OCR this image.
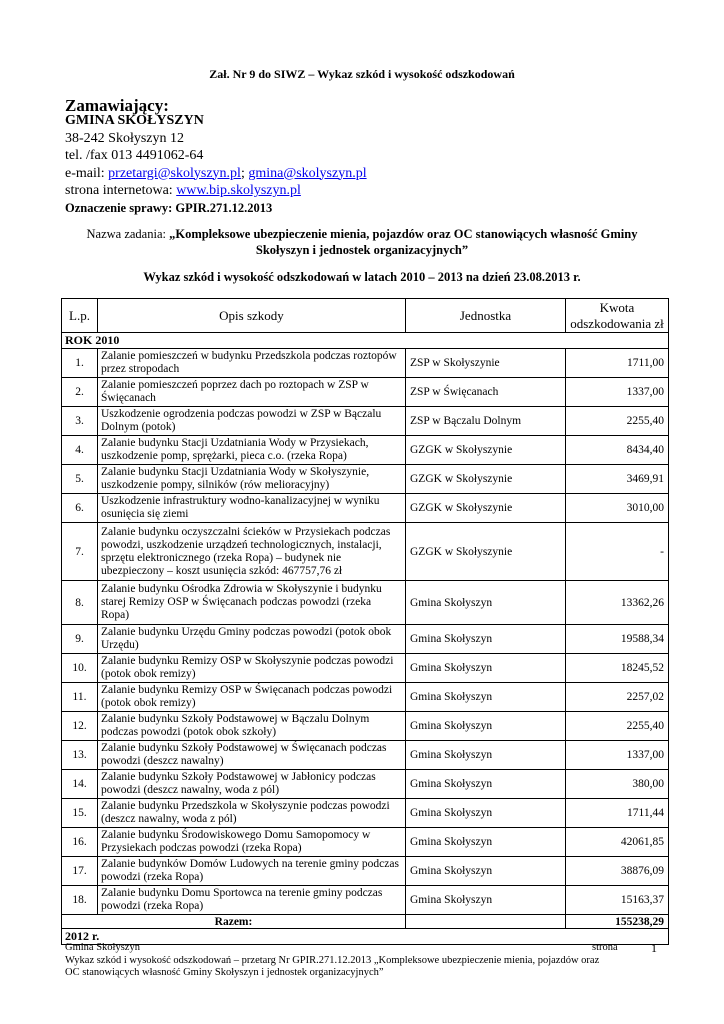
Zał. Nr 9 do SIWZ – Wykaz szkód i wysokość odszkodowań
Zamawiający:
GMINA SKOŁYSZYN
38-242 Skołyszyn 12
tel. /fax 013 4491062-64
e-mail: przetargi@skolyszyn.pl; gmina@skolyszyn.pl
strona internetowa: www.bip.skolyszyn.pl
Oznaczenie sprawy: GPIR.271.12.2013
Nazwa zadania: „Kompleksowe ubezpieczenie mienia, pojazdów oraz OC stanowiących własność Gminy
Skołyszyn i jednostek organizacyjnych”
Wykaz szkód i wysokość odszkodowań w latach 2010 – 2013 na dzień 23.08.2013 r.
L.p.	Opis szkody	Jednostka	Kwota
odszkodowania zł
ROK 2010			
1.	Zalanie pomieszczeń w budynku Przedszkola podczas roztopów przez stropodach	ZSP w Skołyszynie	1711,00
2.	Zalanie pomieszczeń poprzez dach po roztopach w ZSP w Święcanach	ZSP w Święcanach	1337,00
3.	Uszkodzenie ogrodzenia podczas powodzi w ZSP w Bączalu Dolnym (potok)	ZSP w Bączalu Dolnym	2255,40
4.	Zalanie budynku Stacji Uzdatniania Wody w Przysiekach, uszkodzenie pomp, sprężarki, pieca c.o. (rzeka Ropa)	GZGK w Skołyszynie	8434,40
5.	Zalanie budynku Stacji Uzdatniania Wody w Skołyszynie, uszkodzenie pompy, silników (rów melioracyjny)	GZGK w Skołyszynie	3469,91
6.	Uszkodzenie infrastruktury wodno-kanalizacyjnej w wyniku osunięcia się ziemi	GZGK w Skołyszynie	3010,00
7.	Zalanie budynku oczyszczalni ścieków w Przysiekach podczas powodzi, uszkodzenie urządzeń technologicznych, instalacji, sprzętu elektronicznego (rzeka Ropa) – budynek nie ubezpieczony – koszt usunięcia szkód: 467757,76 zł	GZGK w Skołyszynie	-
8.	Zalanie budynku Ośrodka Zdrowia w Skołyszynie i budynku starej Remizy OSP w Święcanach podczas powodzi (rzeka Ropa)	Gmina Skołyszyn	13362,26
9.	Zalanie budynku Urzędu Gminy podczas powodzi (potok obok Urzędu)	Gmina Skołyszyn	19588,34
10.	Zalanie budynku Remizy OSP w Skołyszynie podczas powodzi (potok obok remizy)	Gmina Skołyszyn	18245,52
11.	Zalanie budynku Remizy OSP w Święcanach podczas powodzi (potok obok remizy)	Gmina Skołyszyn	2257,02
12.	Zalanie budynku Szkoły Podstawowej w Bączalu Dolnym podczas powodzi (potok obok szkoły)	Gmina Skołyszyn	2255,40
13.	Zalanie budynku Szkoły Podstawowej w Święcanach podczas powodzi (deszcz nawalny)	Gmina Skołyszyn	1337,00
14.	Zalanie budynku Szkoły Podstawowej w Jabłonicy podczas powodzi (deszcz nawalny, woda z pól)	Gmina Skołyszyn	380,00
15.	Zalanie budynku Przedszkola w Skołyszynie podczas powodzi (deszcz nawalny, woda z pól)	Gmina Skołyszyn	1711,44
16.	Zalanie budynku Środowiskowego Domu Samopomocy w Przysiekach podczas powodzi (rzeka Ropa)	Gmina Skołyszyn	42061,85
17.	Zalanie budynków Domów Ludowych na terenie gminy podczas powodzi (rzeka Ropa)	Gmina Skołyszyn	38876,09
18.	Zalanie budynku Domu Sportowca na terenie gminy podczas powodzi (rzeka Ropa)	Gmina Skołyszyn	15163,37
Razem:			155238,29
2012 r.			
Gmina Skołyszyn	strona
Wykaz szkód i wysokość odszkodowań – przetarg Nr GPIR.271.12.2013 „Kompleksowe ubezpieczenie mienia, pojazdów oraz
OC stanowiących własność Gminy Skołyszyn i jednostek organizacyjnych”
1
